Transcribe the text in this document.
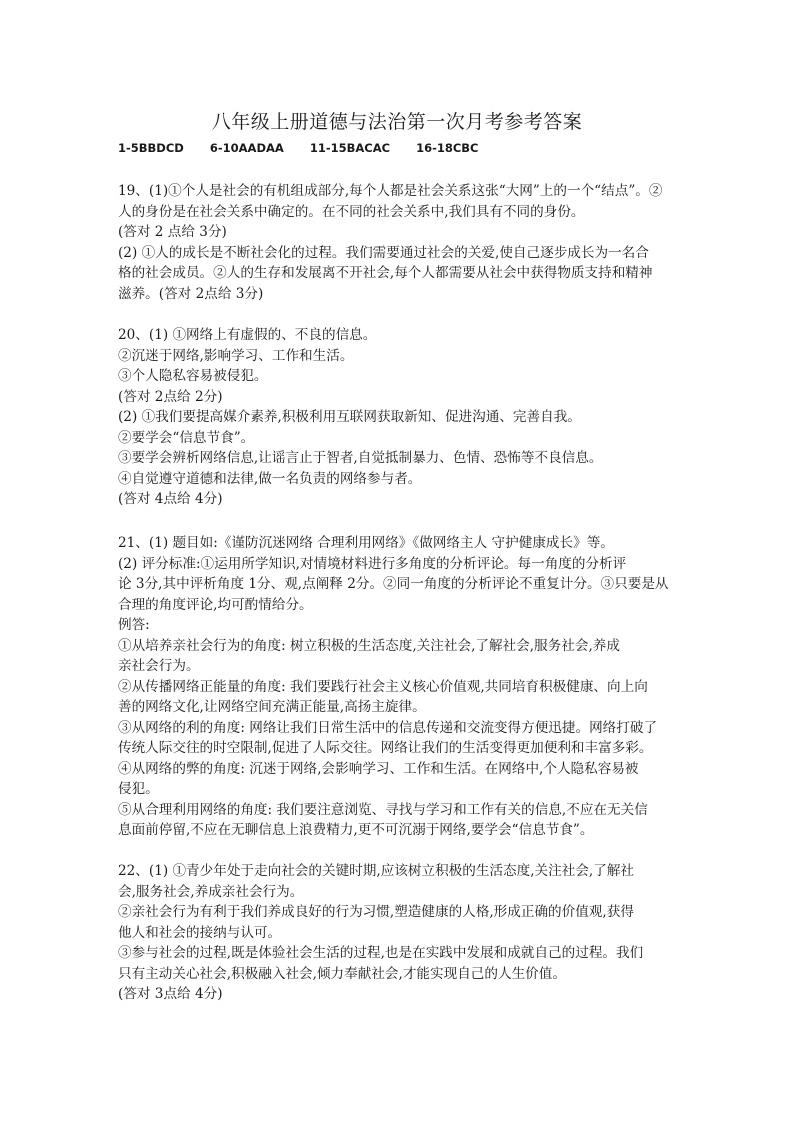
八年级上册道德与法治第一次月考参考答案
1-5BBDCD 6-10AADAA 11-15BACAC 16-18CBC
19、(1)①个人是社会的有机组成部分,每个人都是社会关系这张“大网”上的一个“结点”。②
人的身份是在社会关系中确定的。在不同的社会关系中,我们具有不同的身份。
(答对 2 点给 3分)
(2) ①人的成长是不断社会化的过程。我们需要通过社会的关爱,使自己逐步成长为一名合
格的社会成员。②人的生存和发展离不开社会,每个人都需要从社会中获得物质支持和精神
滋养。(答对 2点给 3分)
20、(1) ①网络上有虚假的、不良的信息。
②沉迷于网络,影响学习、工作和生活。
③个人隐私容易被侵犯。
(答对 2点给 2分)
(2) ①我们要提高媒介素养,积极利用互联网获取新知、促进沟通、完善自我。
②要学会“信息节食”。
③要学会辨析网络信息,让谣言止于智者,自觉抵制暴力、色情、恐怖等不良信息。
④自觉遵守道德和法律,做一名负责的网络参与者。
(答对 4点给 4分)
21、(1) 题目如:《谨防沉迷网络 合理利用网络》《做网络主人 守护健康成长》等。
(2) 评分标准:①运用所学知识,对情境材料进行多角度的分析评论。每一角度的分析评
论 3分,其中评析角度 1分、观,点阐释 2分。②同一角度的分析评论不重复计分。③只要是从
合理的角度评论,均可酌情给分。
例答:
①从培养亲社会行为的角度: 树立积极的生活态度,关注社会,了解社会,服务社会,养成
亲社会行为。
②从传播网络正能量的角度: 我们要践行社会主义核心价值观,共同培育积极健康、向上向
善的网络文化,让网络空间充满正能量,高扬主旋律。
③从网络的利的角度: 网络让我们日常生活中的信息传递和交流变得方便迅捷。网络打破了
传统人际交往的时空限制,促进了人际交往。网络让我们的生活变得更加便利和丰富多彩。
④从网络的弊的角度: 沉迷于网络,会影响学习、工作和生活。在网络中,个人隐私容易被
侵犯。
⑤从合理利用网络的角度: 我们要注意浏览、寻找与学习和工作有关的信息,不应在无关信
息面前停留,不应在无聊信息上浪费精力,更不可沉溺于网络,要学会“信息节食”。
22、(1) ①青少年处于走向社会的关键时期,应该树立积极的生活态度,关注社会,了解社
会,服务社会,养成亲社会行为。
②亲社会行为有利于我们养成良好的行为习惯,塑造健康的人格,形成正确的价值观,获得
他人和社会的接纳与认可。
③参与社会的过程,既是体验社会生活的过程,也是在实践中发展和成就自己的过程。我们
只有主动关心社会,积极融入社会,倾力奉献社会,才能实现自己的人生价值。
(答对 3点给 4分)
